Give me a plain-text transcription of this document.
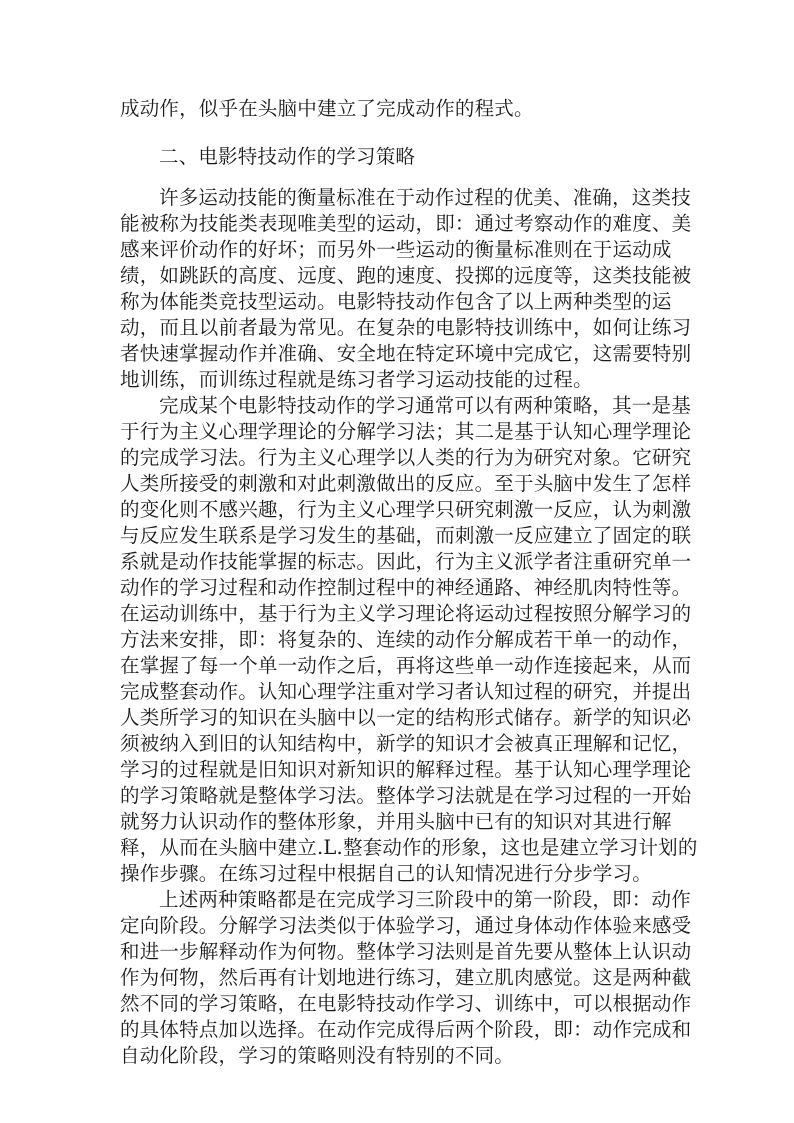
成动作，似乎在头脑中建立了完成动作的程式。
二、电影特技动作的学习策略
许多运动技能的衡量标准在于动作过程的优美、准确，这类技
能被称为技能类表现唯美型的运动，即：通过考察动作的难度、美
感来评价动作的好坏；而另外一些运动的衡量标准则在于运动成
绩，如跳跃的高度、远度、跑的速度、投掷的远度等，这类技能被
称为体能类竞技型运动。电影特技动作包含了以上两种类型的运
动，而且以前者最为常见。在复杂的电影特技训练中，如何让练习
者快速掌握动作并准确、安全地在特定环境中完成它，这需要特别
地训练，而训练过程就是练习者学习运动技能的过程。
完成某个电影特技动作的学习通常可以有两种策略，其一是基
于行为主义心理学理论的分解学习法；其二是基于认知心理学理论
的完成学习法。行为主义心理学以人类的行为为研究对象。它研究
人类所接受的刺激和对此刺激做出的反应。至于头脑中发生了怎样
的变化则不感兴趣，行为主义心理学只研究刺激一反应，认为刺激
与反应发生联系是学习发生的基础，而刺激一反应建立了固定的联
系就是动作技能掌握的标志。因此，行为主义派学者注重研究单一
动作的学习过程和动作控制过程中的神经通路、神经肌肉特性等。
在运动训练中，基于行为主义学习理论将运动过程按照分解学习的
方法来安排，即：将复杂的、连续的动作分解成若干单一的动作，
在掌握了每一个单一动作之后，再将这些单一动作连接起来，从而
完成整套动作。认知心理学注重对学习者认知过程的研究，并提出
人类所学习的知识在头脑中以一定的结构形式储存。新学的知识必
须被纳入到旧的认知结构中，新学的知识才会被真正理解和记忆，
学习的过程就是旧知识对新知识的解释过程。基于认知心理学理论
的学习策略就是整体学习法。整体学习法就是在学习过程的一开始
就努力认识动作的整体形象，并用头脑中已有的知识对其进行解
释，从而在头脑中建立.L.整套动作的形象，这也是建立学习计划的
操作步骤。在练习过程中根据自己的认知情况进行分步学习。
上述两种策略都是在完成学习三阶段中的第一阶段，即：动作
定向阶段。分解学习法类似于体验学习，通过身体动作体验来感受
和进一步解释动作为何物。整体学习法则是首先要从整体上认识动
作为何物，然后再有计划地进行练习，建立肌肉感觉。这是两种截
然不同的学习策略，在电影特技动作学习、训练中，可以根据动作
的具体特点加以选择。在动作完成得后两个阶段，即：动作完成和
自动化阶段，学习的策略则没有特别的不同。
